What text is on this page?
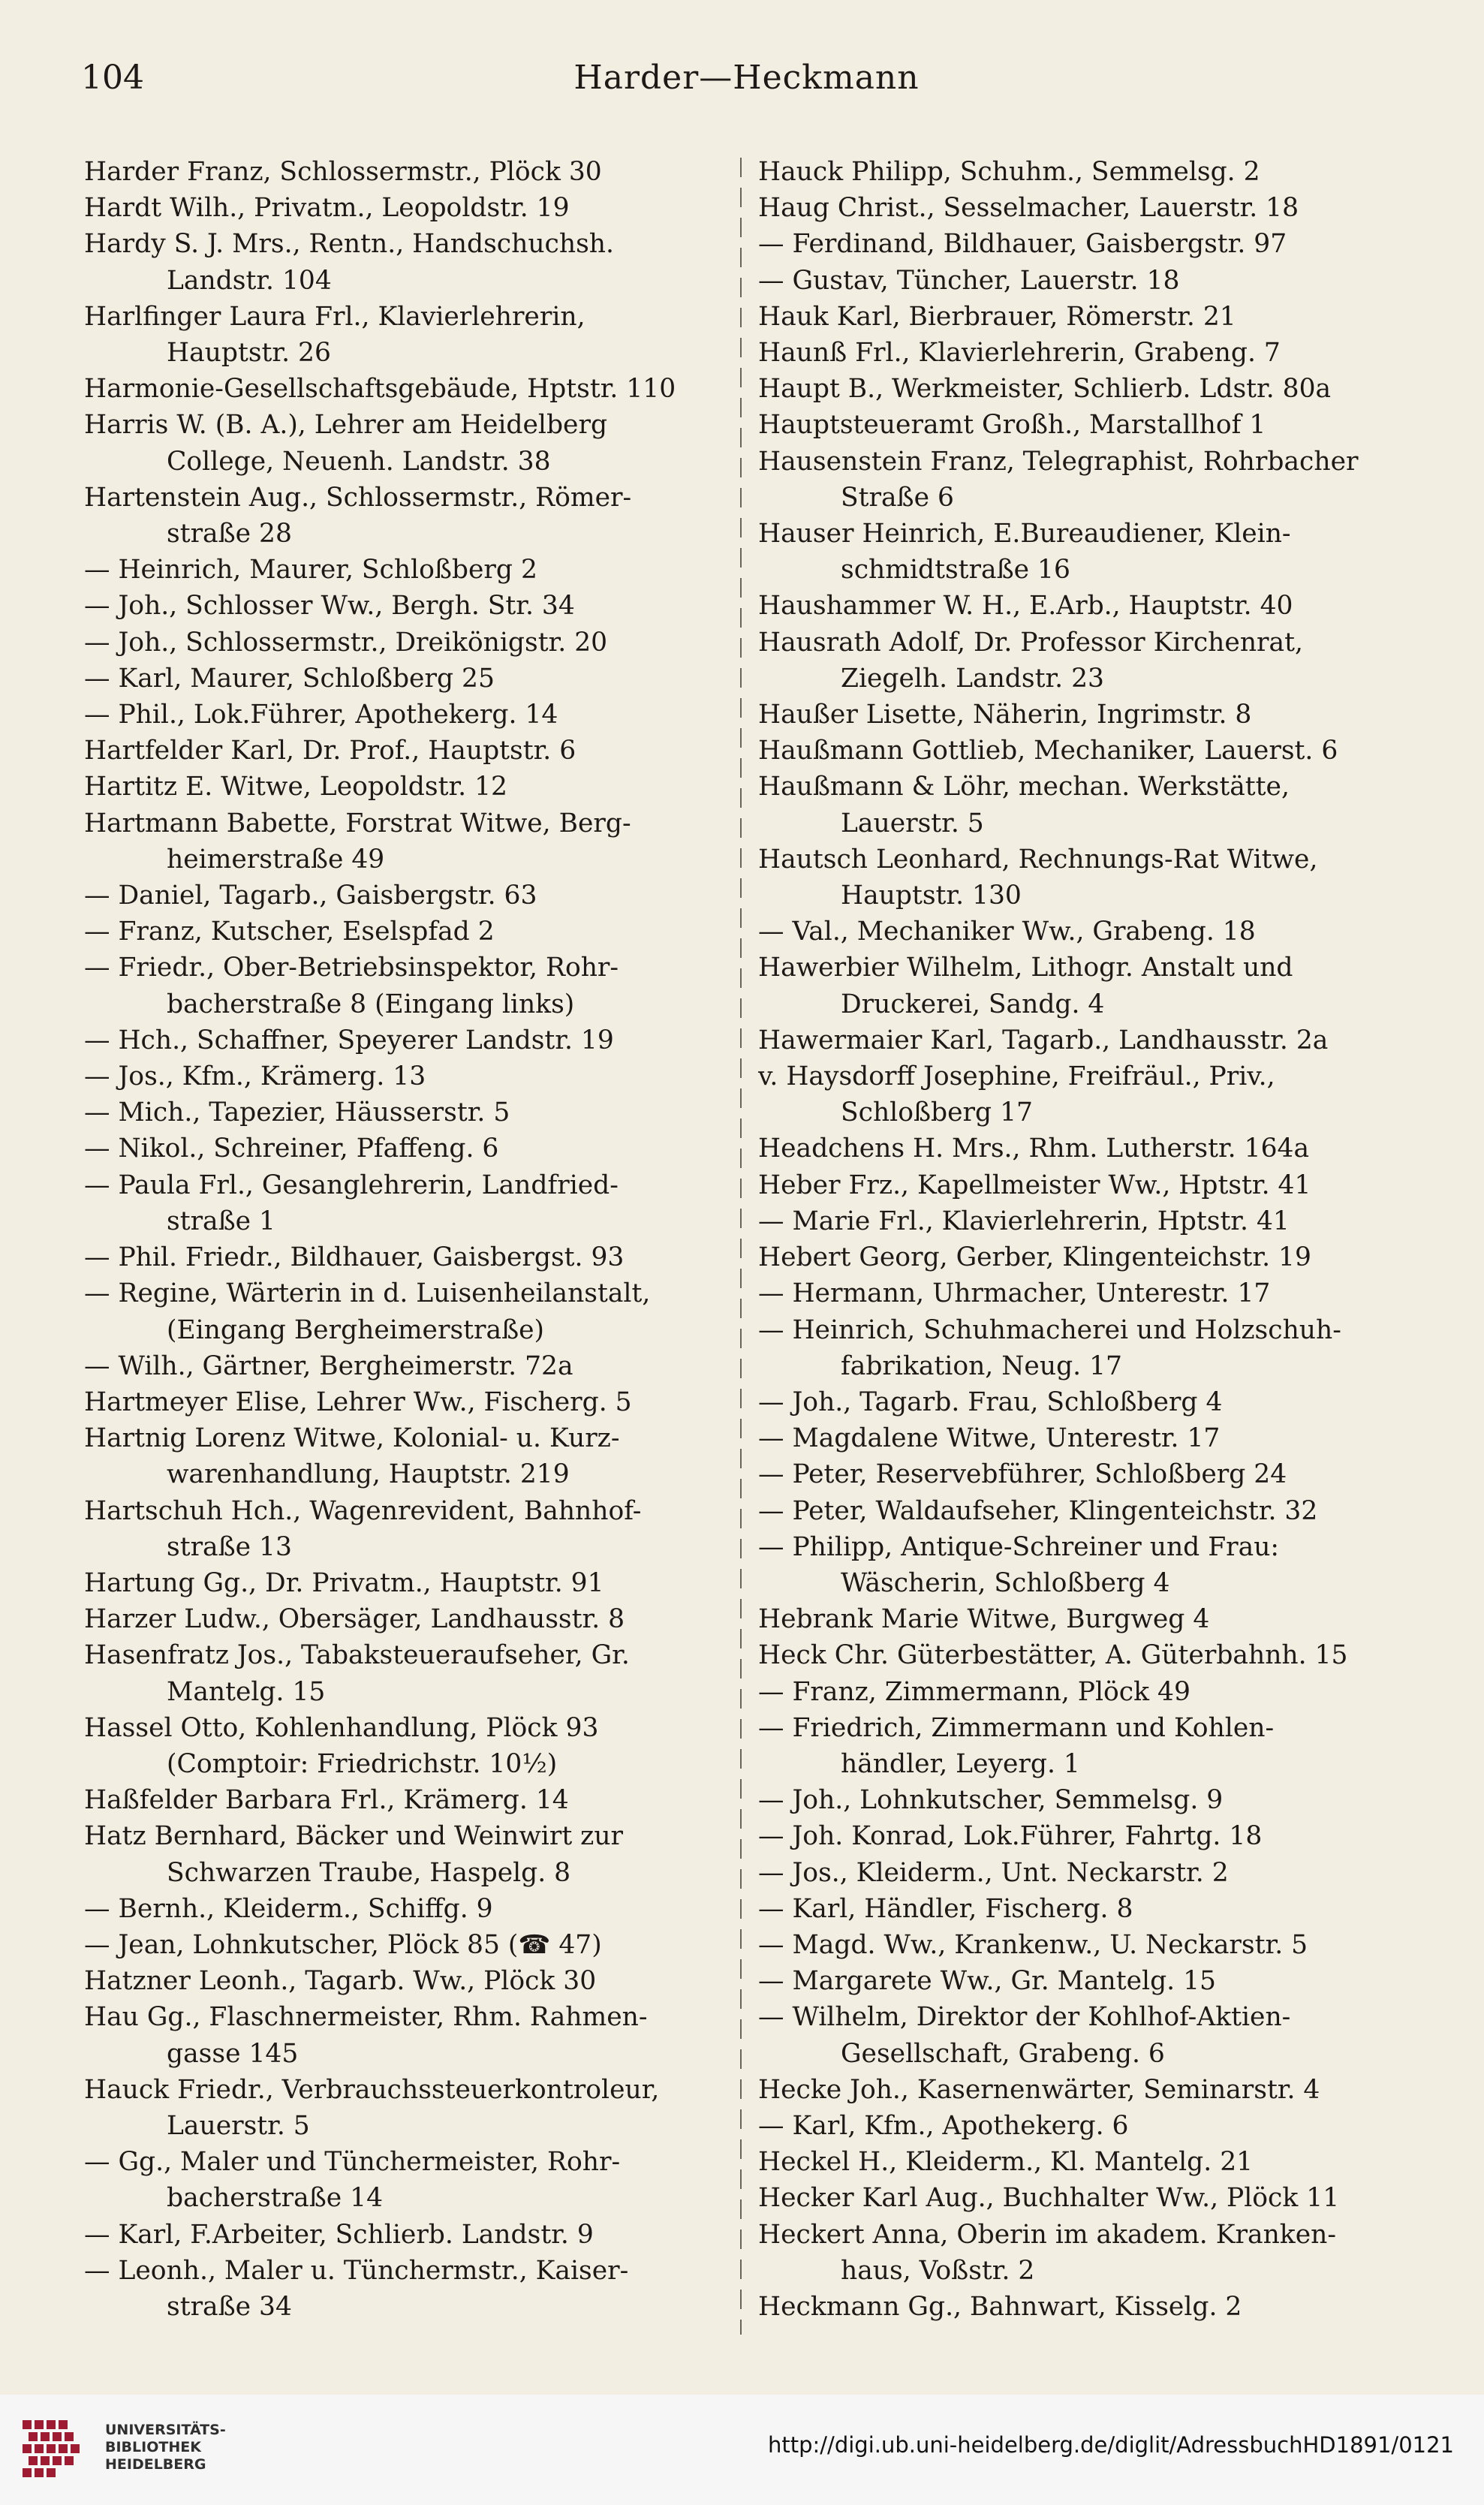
104	Harder—Heckmann
Harder Franz, Schlossermstr., Plöck 30
Hardt Wilh., Privatm., Leopoldstr. 19
Hardy S. J. Mrs., Rentn., Handschuchsh.
Landstr. 104
Harlfinger Laura Frl., Klavierlehrerin,
Hauptstr. 26
Harmonie-Gesellschaftsgebäude, Hptstr. 110
Harris W. (B. A.), Lehrer am Heidelberg
College, Neuenh. Landstr. 38
Hartenstein Aug., Schlossermstr., Römer-
straße 28
— Heinrich, Maurer, Schloßberg 2
— Joh., Schlosser Ww., Bergh. Str. 34
— Joh., Schlossermstr., Dreikönigstr. 20
— Karl, Maurer, Schloßberg 25
— Phil., Lok.Führer, Apothekerg. 14
Hartfelder Karl, Dr. Prof., Hauptstr. 6
Hartitz E. Witwe, Leopoldstr. 12
Hartmann Babette, Forstrat Witwe, Berg-
heimerstraße 49
— Daniel, Tagarb., Gaisbergstr. 63
— Franz, Kutscher, Eselspfad 2
— Friedr., Ober-Betriebsinspektor, Rohr-
bacherstraße 8 (Eingang links)
— Hch., Schaffner, Speyerer Landstr. 19
— Jos., Kfm., Krämerg. 13
— Mich., Tapezier, Häusserstr. 5
— Nikol., Schreiner, Pfaffeng. 6
— Paula Frl., Gesanglehrerin, Landfried-
straße 1
— Phil. Friedr., Bildhauer, Gaisbergst. 93
— Regine, Wärterin in d. Luisenheilanstalt,
(Eingang Bergheimerstraße)
— Wilh., Gärtner, Bergheimerstr. 72a
Hartmeyer Elise, Lehrer Ww., Fischerg. 5
Hartnig Lorenz Witwe, Kolonial- u. Kurz-
warenhandlung, Hauptstr. 219
Hartschuh Hch., Wagenrevident, Bahnhof-
straße 13
Hartung Gg., Dr. Privatm., Hauptstr. 91
Harzer Ludw., Obersäger, Landhausstr. 8
Hasenfratz Jos., Tabaksteueraufseher, Gr.
Mantelg. 15
Hassel Otto, Kohlenhandlung, Plöck 93
(Comptoir: Friedrichstr. 10½)
Haßfelder Barbara Frl., Krämerg. 14
Hatz Bernhard, Bäcker und Weinwirt zur
Schwarzen Traube, Haspelg. 8
— Bernh., Kleiderm., Schiffg. 9
— Jean, Lohnkutscher, Plöck 85 (☎ 47)
Hatzner Leonh., Tagarb. Ww., Plöck 30
Hau Gg., Flaschnermeister, Rhm. Rahmen-
gasse 145
Hauck Friedr., Verbrauchssteuerkontroleur,
Lauerstr. 5
— Gg., Maler und Tünchermeister, Rohr-
bacherstraße 14
— Karl, F.Arbeiter, Schlierb. Landstr. 9
— Leonh., Maler u. Tünchermstr., Kaiser-
straße 34
Hauck Philipp, Schuhm., Semmelsg. 2
Haug Christ., Sesselmacher, Lauerstr. 18
— Ferdinand, Bildhauer, Gaisbergstr. 97
— Gustav, Tüncher, Lauerstr. 18
Hauk Karl, Bierbrauer, Römerstr. 21
Haunß Frl., Klavierlehrerin, Grabeng. 7
Haupt B., Werkmeister, Schlierb. Ldstr. 80a
Hauptsteueramt Großh., Marstallhof 1
Hausenstein Franz, Telegraphist, Rohrbacher
Straße 6
Hauser Heinrich, E.Bureaudiener, Klein-
schmidtstraße 16
Haushammer W. H., E.Arb., Hauptstr. 40
Hausrath Adolf, Dr. Professor Kirchenrat,
Ziegelh. Landstr. 23
Haußer Lisette, Näherin, Ingrimstr. 8
Haußmann Gottlieb, Mechaniker, Lauerst. 6
Haußmann & Löhr, mechan. Werkstätte,
Lauerstr. 5
Hautsch Leonhard, Rechnungs-Rat Witwe,
Hauptstr. 130
— Val., Mechaniker Ww., Grabeng. 18
Hawerbier Wilhelm, Lithogr. Anstalt und
Druckerei, Sandg. 4
Hawermaier Karl, Tagarb., Landhausstr. 2a
v. Haysdorff Josephine, Freifräul., Priv.,
Schloßberg 17
Headchens H. Mrs., Rhm. Lutherstr. 164a
Heber Frz., Kapellmeister Ww., Hptstr. 41
— Marie Frl., Klavierlehrerin, Hptstr. 41
Hebert Georg, Gerber, Klingenteichstr. 19
— Hermann, Uhrmacher, Unterestr. 17
— Heinrich, Schuhmacherei und Holzschuh-
fabrikation, Neug. 17
— Joh., Tagarb. Frau, Schloßberg 4
— Magdalene Witwe, Unterestr. 17
— Peter, Reservebführer, Schloßberg 24
— Peter, Waldaufseher, Klingenteichstr. 32
— Philipp, Antique-Schreiner und Frau:
Wäscherin, Schloßberg 4
Hebrank Marie Witwe, Burgweg 4
Heck Chr. Güterbestätter, A. Güterbahnh. 15
— Franz, Zimmermann, Plöck 49
— Friedrich, Zimmermann und Kohlen-
händler, Leyerg. 1
— Joh., Lohnkutscher, Semmelsg. 9
— Joh. Konrad, Lok.Führer, Fahrtg. 18
— Jos., Kleiderm., Unt. Neckarstr. 2
— Karl, Händler, Fischerg. 8
— Magd. Ww., Krankenw., U. Neckarstr. 5
— Margarete Ww., Gr. Mantelg. 15
— Wilhelm, Direktor der Kohlhof-Aktien-
Gesellschaft, Grabeng. 6
Hecke Joh., Kasernenwärter, Seminarstr. 4
— Karl, Kfm., Apothekerg. 6
Heckel H., Kleiderm., Kl. Mantelg. 21
Hecker Karl Aug., Buchhalter Ww., Plöck 11
Heckert Anna, Oberin im akadem. Kranken-
haus, Voßstr. 2
Heckmann Gg., Bahnwart, Kisselg. 2
UNIVERSITÄTS-
BIBLIOTHEK
HEIDELBERG
http://digi.ub.uni-heidelberg.de/diglit/AdressbuchHD1891/0121
